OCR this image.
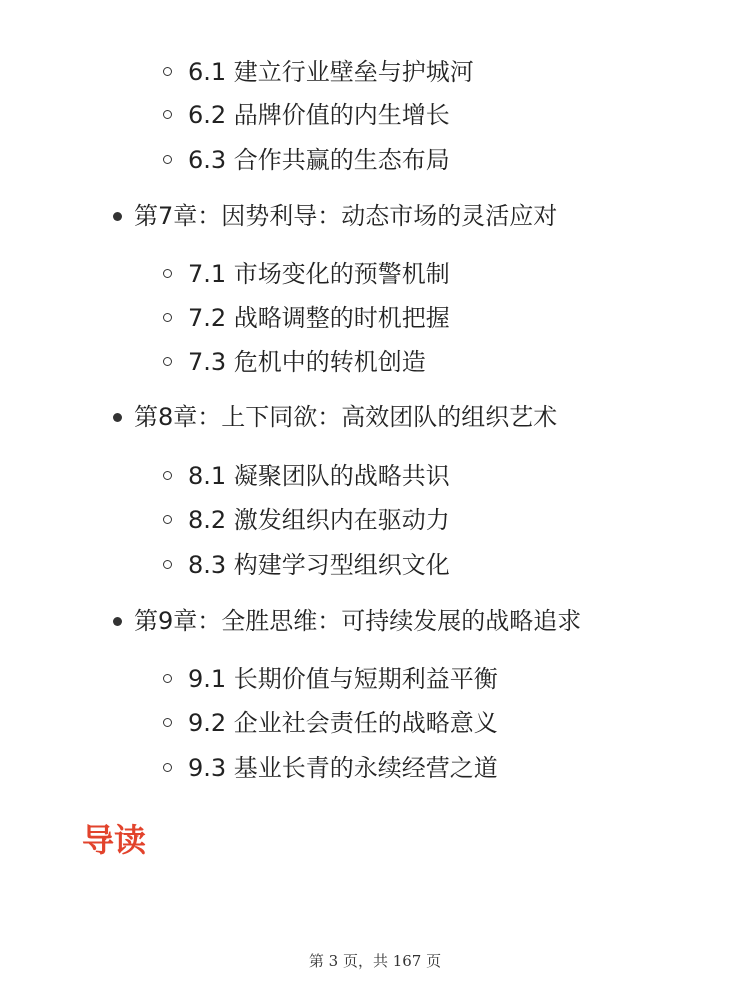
6.1 建立行业壁垒与护城河
6.2 品牌价值的内生增长
6.3 合作共赢的生态布局
第7章：因势利导：动态市场的灵活应对
7.1 市场变化的预警机制
7.2 战略调整的时机把握
7.3 危机中的转机创造
第8章：上下同欲：高效团队的组织艺术
8.1 凝聚团队的战略共识
8.2 激发组织内在驱动力
8.3 构建学习型组织文化
第9章：全胜思维：可持续发展的战略追求
9.1 长期价值与短期利益平衡
9.2 企业社会责任的战略意义
9.3 基业长青的永续经营之道
导读
第 3 页，共 167 页
